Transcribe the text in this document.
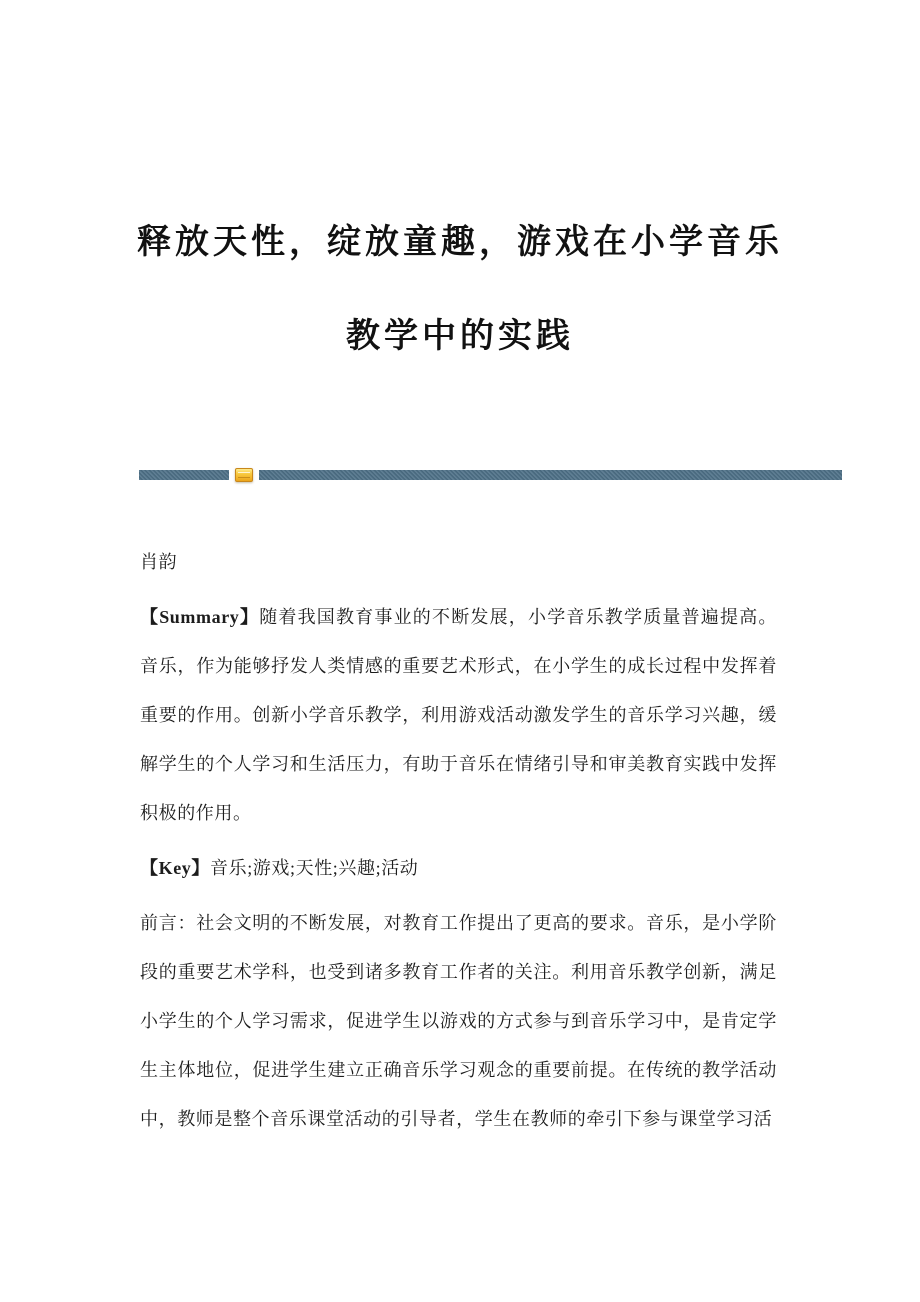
释放天性，绽放童趣，游戏在小学音乐
教学中的实践

肖韵

【Summary】随着我国教育事业的不断发展，小学音乐教学质量普遍提高。音乐，作为能够抒发人类情感的重要艺术形式，在小学生的成长过程中发挥着重要的作用。创新小学音乐教学，利用游戏活动激发学生的音乐学习兴趣，缓解学生的个人学习和生活压力，有助于音乐在情绪引导和审美教育实践中发挥积极的作用。

【Key】音乐;游戏;天性;兴趣;活动

前言：社会文明的不断发展，对教育工作提出了更高的要求。音乐，是小学阶段的重要艺术学科，也受到诸多教育工作者的关注。利用音乐教学创新，满足小学生的个人学习需求，促进学生以游戏的方式参与到音乐学习中，是肯定学生主体地位，促进学生建立正确音乐学习观念的重要前提。在传统的教学活动中，教师是整个音乐课堂活动的引导者，学生在教师的牵引下参与课堂学习活
